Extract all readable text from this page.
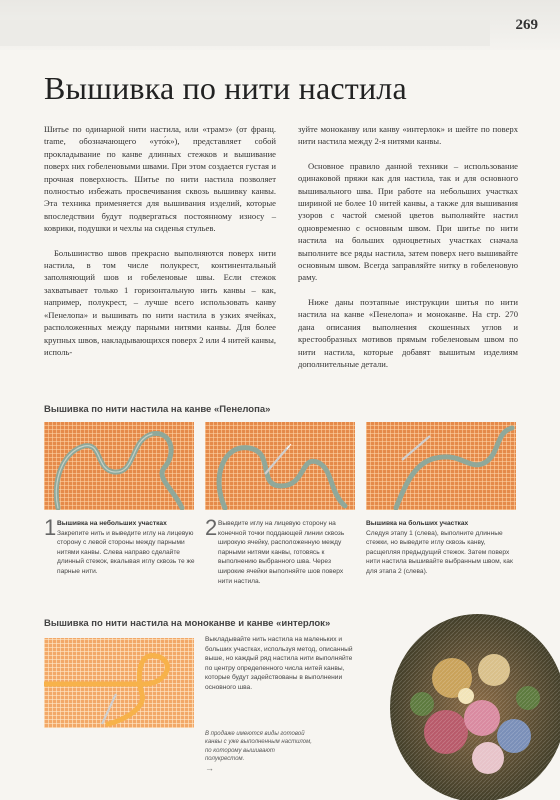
269
Вышивка по нити настила

Шитье по одинарной нити настила, или «трамэ» (от франц. trame, обозначающего «уто́к»), представляет собой прокладывание по канве длинных стежков и вышивание поверх них гобеленовыми швами. При этом создается густая и прочная поверхность. Шитье по нити настила позволяет полностью избежать просвечивания сквозь вышивку канвы. Эта техника применяется для вышивания изделий, которые впоследствии будут подвергаться постоянному износу – коврики, подушки и чехлы на сиденья стульев.

Большинство швов прекрасно выполняются поверх нити настила, в том числе полукрест, континентальный заполняющий шов и гобеленовые швы. Если стежок захватывает только 1 горизонтальную нить канвы – как, например, полукрест, – лучше всего использовать канву «Пенелопа» и вышивать по нити настила в узких ячейках, расположенных между парными нитями канвы. Для более крупных швов, накладывающихся поверх 2 или 4 нитей канвы, исполь-

зуйте моноканву или канву «интерлок» и шейте по поверх нити настила между 2-я нитями канвы.

Основное правило данной техники – использование одинаковой пряжи как для настила, так и для основного вышивального шва. При работе на небольших участках шириной не более 10 нитей канвы, а также для вышивания узоров с частой сменой цветов выполняйте настил одновременно с основным швом. При шитье по нити настила на больших одноцветных участках сначала выполните все ряды настила, затем поверх него вышивайте основным швом. Всегда заправляйте нитку в гобеленовую раму.

Ниже даны поэтапные инструкции шитья по нити настила на канве «Пенелопа» и моноканве. На стр. 270 дана описания выполнения скошенных углов и крестообразных мотивов прямым гобеленовым швом по нити настила, которые добавят вышитым изделиям дополнительные детали.

Вышивка по нити настила на канве «Пенелопа»
1 Вышивка на небольших участках
Закрепите нить и выведите иглу на лицевую сторону с левой стороны между парными нитями канвы. Слева направо сделайте длинный стежок, вкалывая иглу сквозь те же парные нити.
2 Выведите иглу на лицевую сторону на конечной точки поддающей линии сквозь широкую ячейку, расположенную между парными нитями канвы, готовясь к выполнению выбранного шва. Через широкие ячейки выполняйте шов поверх нити настила.
Вышивка на больших участках
Следуя этапу 1 (слева), выполните длинные стежки, но выведите иглу сквозь канву, расщепляя предыдущий стежок. Затем поверх нити настила вышивайте выбранным швом, как для этапа 2 (слева).
Вышивка по нити настила на моноканве и канве «интерлок»
Выкладывайте нить настила на маленьких и больших участках, используя метод, описанный выше, но каждый ряд настила нити выполняйте по центру определенного числа нитей канвы, которые будут задействованы в выполнении основного шва.
В продаже имеются виды готовой канвы с уже выполненным настилом, по которому вышивают полукрестом.
→
